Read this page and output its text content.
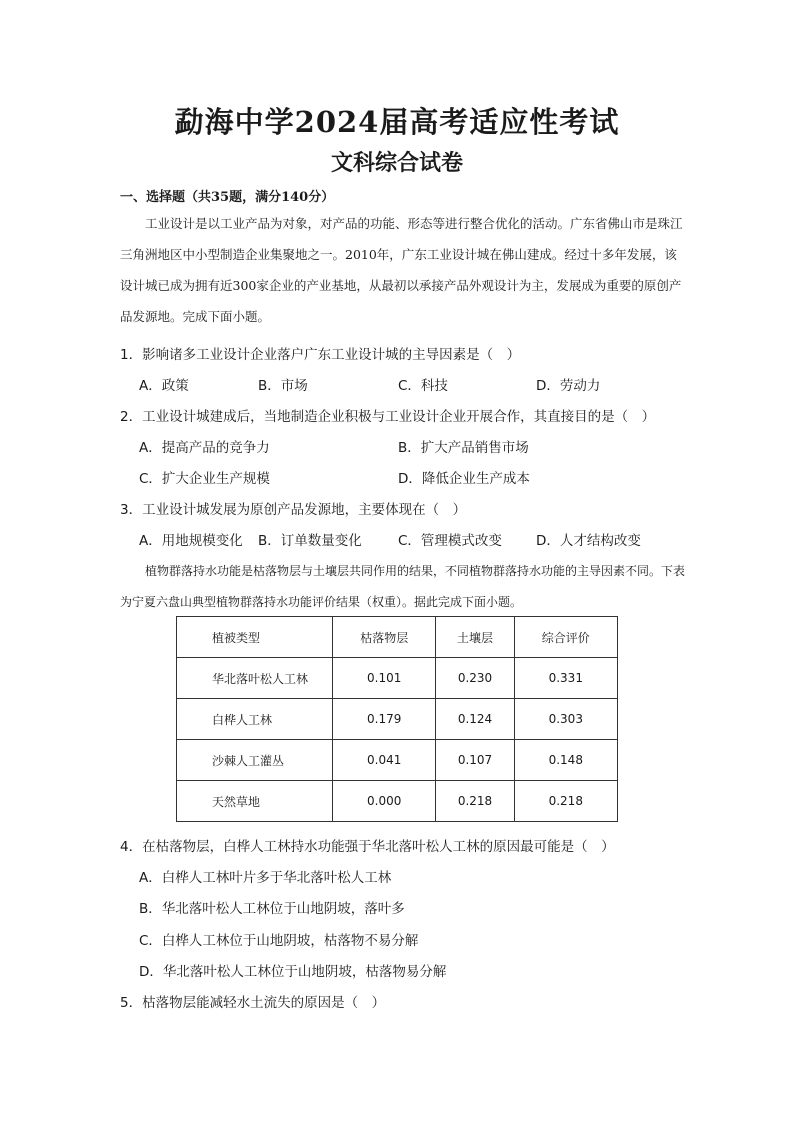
勐海中学2024届高考适应性考试
文科综合试卷
一、选择题（共35题，满分140分）
工业设计是以工业产品为对象，对产品的功能、形态等进行整合优化的活动。广东省佛山市是珠江三角洲地区中小型制造企业集聚地之一。2010年，广东工业设计城在佛山建成。经过十多年发展，该设计城已成为拥有近300家企业的产业基地，从最初以承接产品外观设计为主，发展成为重要的原创产品发源地。完成下面小题。
1．影响诸多工业设计企业落户广东工业设计城的主导因素是（　）
A．政策	B．市场	C．科技	D．劳动力
2．工业设计城建成后，当地制造企业积极与工业设计企业开展合作，其直接目的是（　）
A．提高产品的竞争力	B．扩大产品销售市场
C．扩大企业生产规模	D．降低企业生产成本
3．工业设计城发展为原创产品发源地，主要体现在（　）
A．用地规模变化 B．订单数量变化	C．管理模式改变	D．人才结构改变
植物群落持水功能是枯落物层与土壤层共同作用的结果，不同植物群落持水功能的主导因素不同。下表为宁夏六盘山典型植物群落持水功能评价结果（权重）。据此完成下面小题。
植被类型	枯落物层	土壤层	综合评价
华北落叶松人工林	0.101	0.230	0.331
白桦人工林	0.179	0.124	0.303
沙棘人工灌丛	0.041	0.107	0.148
天然草地	0.000	0.218	0.218
4．在枯落物层，白桦人工林持水功能强于华北落叶松人工林的原因最可能是（　）
A．白桦人工林叶片多于华北落叶松人工林
B．华北落叶松人工林位于山地阴坡，落叶多
C．白桦人工林位于山地阴坡，枯落物不易分解
D．华北落叶松人工林位于山地阴坡，枯落物易分解
5．枯落物层能减轻水土流失的原因是（　）
